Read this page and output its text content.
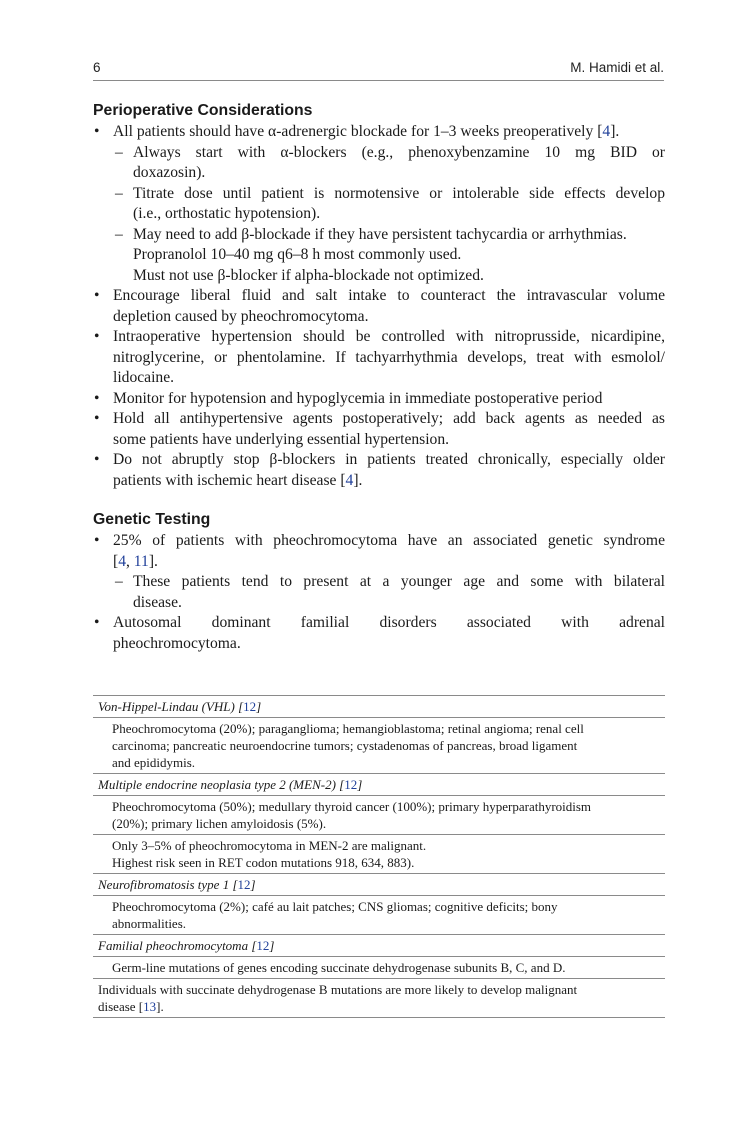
6	M. Hamidi et al.
Perioperative Considerations
• All patients should have α-adrenergic blockade for 1–3 weeks preoperatively [4].
– Always start with α-blockers (e.g., phenoxybenzamine 10 mg BID or
doxazosin).
– Titrate dose until patient is normotensive or intolerable side effects develop
(i.e., orthostatic hypotension).
– May need to add β-blockade if they have persistent tachycardia or arrhythmias.
Propranolol 10–40 mg q6–8 h most commonly used.
Must not use β-blocker if alpha-blockade not optimized.
• Encourage liberal fluid and salt intake to counteract the intravascular volume
depletion caused by pheochromocytoma.
• Intraoperative hypertension should be controlled with nitroprusside, nicardipine,
nitroglycerine, or phentolamine. If tachyarrhythmia develops, treat with esmolol/
lidocaine.
• Monitor for hypotension and hypoglycemia in immediate postoperative period
• Hold all antihypertensive agents postoperatively; add back agents as needed as
some patients have underlying essential hypertension.
• Do not abruptly stop β-blockers in patients treated chronically, especially older
patients with ischemic heart disease [4].
Genetic Testing
• 25% of patients with pheochromocytoma have an associated genetic syndrome
[4, 11].
– These patients tend to present at a younger age and some with bilateral
disease.
• Autosomal dominant familial disorders associated with adrenal
pheochromocytoma.
Von-Hippel-Lindau (VHL) [12]

Pheochromocytoma (20%); paraganglioma; hemangioblastoma; retinal angioma; renal cell
carcinoma; pancreatic neuroendocrine tumors; cystadenomas of pancreas, broad ligament
and epididymis.

Multiple endocrine neoplasia type 2 (MEN-2) [12]

Pheochromocytoma (50%); medullary thyroid cancer (100%); primary hyperparathyroidism
(20%); primary lichen amyloidosis (5%).

Only 3–5% of pheochromocytoma in MEN-2 are malignant.
Highest risk seen in RET codon mutations 918, 634, 883).

Neurofibromatosis type 1 [12]

Pheochromocytoma (2%); café au lait patches; CNS gliomas; cognitive deficits; bony
abnormalities.

Familial pheochromocytoma [12]

Germ-line mutations of genes encoding succinate dehydrogenase subunits B, C, and D.

Individuals with succinate dehydrogenase B mutations are more likely to develop malignant
disease [13].
